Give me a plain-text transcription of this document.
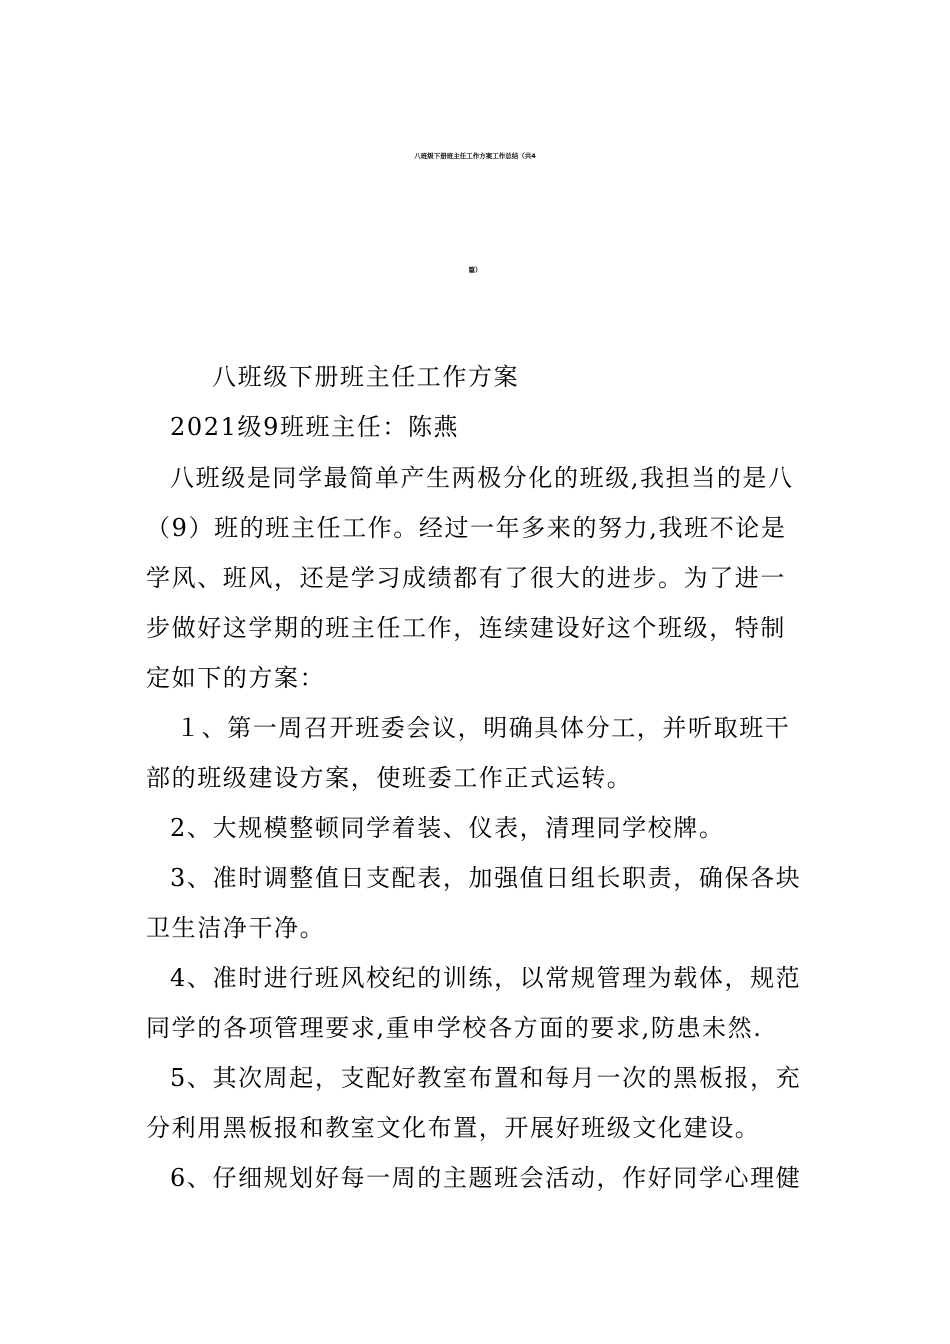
八班级下册班主任工作方案工作总结（共4
篇）
八班级下册班主任工作方案
2021级9班班主任：陈燕
八班级是同学最简单产生两极分化的班级,我担当的是八
（9）班的班主任工作。经过一年多来的努力,我班不论是
学风、班风，还是学习成绩都有了很大的进步。为了进一
步做好这学期的班主任工作，连续建设好这个班级，特制
定如下的方案：
１、第一周召开班委会议，明确具体分工，并听取班干
部的班级建设方案，使班委工作正式运转。
2、大规模整顿同学着装、仪表，清理同学校牌。
3、准时调整值日支配表，加强值日组长职责，确保各块
卫生洁净干净。
4、准时进行班风校纪的训练，以常规管理为载体，规范
同学的各项管理要求,重申学校各方面的要求,防患未然.
5、其次周起，支配好教室布置和每月一次的黑板报，充
分利用黑板报和教室文化布置，开展好班级文化建设。
6、仔细规划好每一周的主题班会活动，作好同学心理健
